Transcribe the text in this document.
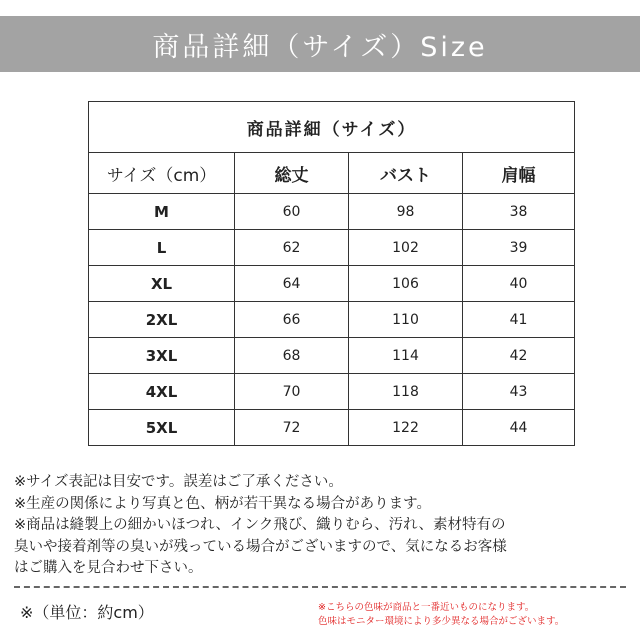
商品詳細（サイズ）Size
商品詳細（サイズ）			
サイズ（cm）	総丈	バスト	肩幅
M	60	98	38
L	62	102	39
XL	64	106	40
2XL	66	110	41
3XL	68	114	42
4XL	70	118	43
5XL	72	122	44
※サイズ表記は目安です。誤差はご了承ください。
※生産の関係により写真と色、柄が若干異なる場合があります。
※商品は縫製上の細かいほつれ、インク飛び、織りむら、汚れ、素材特有の
臭いや接着剤等の臭いが残っている場合がございますので、気になるお客様
はご購入を見合わせ下さい。
※（単位：約cm）	※こちらの色味が商品と一番近いものになります。
色味はモニター環境により多少異なる場合がございます。
